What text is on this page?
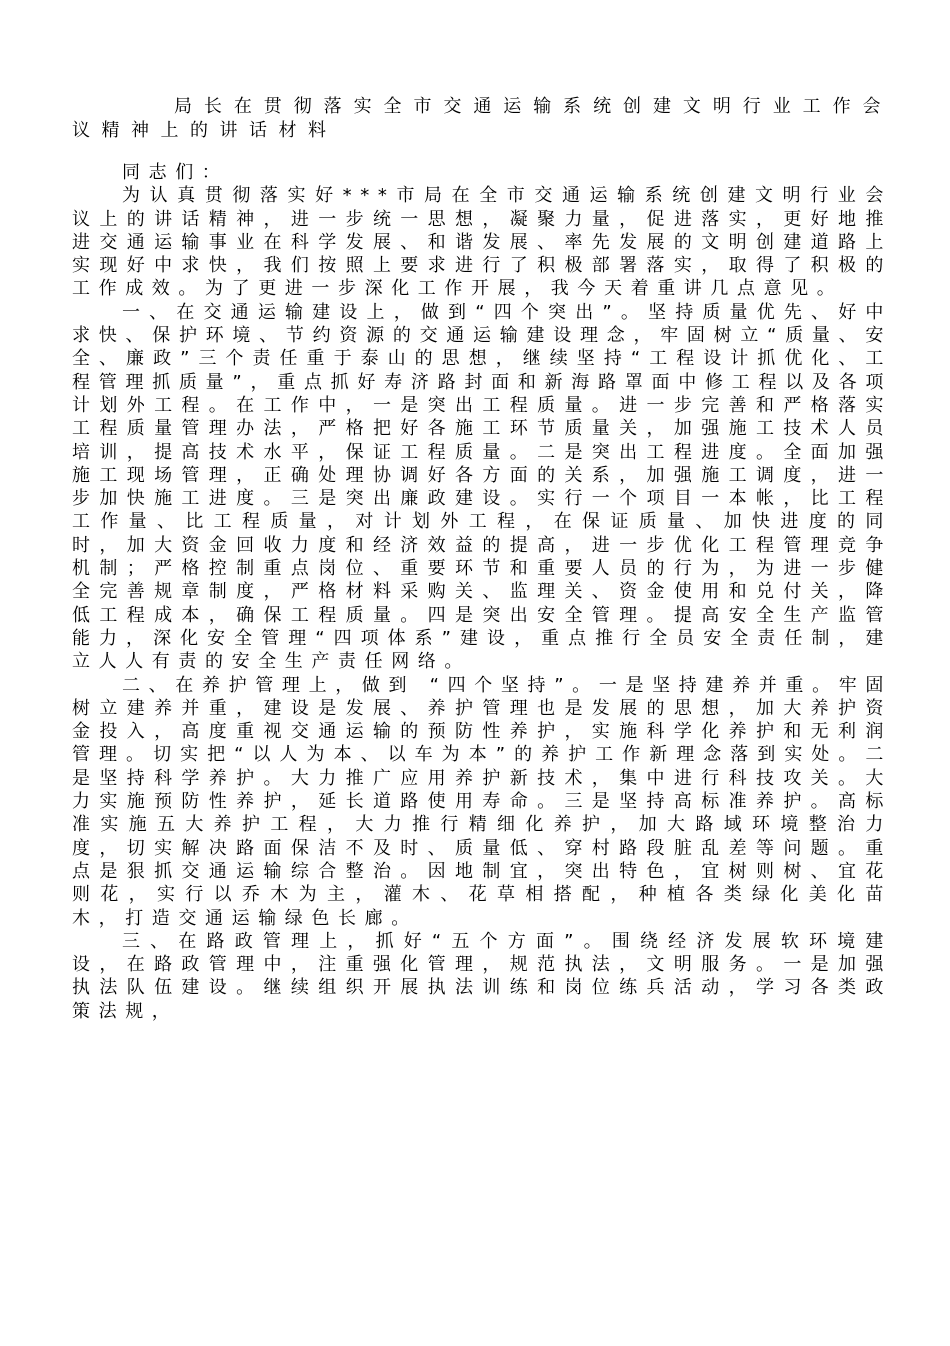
局长在贯彻落实全市交通运输系统创建文明行业工作会议精神上的讲话材料

同志们：

为认真贯彻落实好***市局在全市交通运输系统创建文明行业会议上的讲话精神，进一步统一思想，凝聚力量，促进落实，更好地推进交通运输事业在科学发展、和谐发展、率先发展的文明创建道路上实现好中求快，我们按照上要求进行了积极部署落实，取得了积极的工作成效。为了更进一步深化工作开展，我今天着重讲几点意见。

一、在交通运输建设上，做到“四个突出”。坚持质量优先、好中求快、保护环境、节约资源的交通运输建设理念，牢固树立“质量、安全、廉政”三个责任重于泰山的思想，继续坚持“工程设计抓优化、工程管理抓质量”，重点抓好寿济路封面和新海路罩面中修工程以及各项计划外工程。在工作中，一是突出工程质量。进一步完善和严格落实工程质量管理办法，严格把好各施工环节质量关，加强施工技术人员培训，提高技术水平，保证工程质量。二是突出工程进度。全面加强施工现场管理，正确处理协调好各方面的关系，加强施工调度，进一步加快施工进度。三是突出廉政建设。实行一个项目一本帐，比工程工作量、比工程质量，对计划外工程，在保证质量、加快进度的同时，加大资金回收力度和经济效益的提高，进一步优化工程管理竞争机制；严格控制重点岗位、重要环节和重要人员的行为，为进一步健全完善规章制度，严格材料采购关、监理关、资金使用和兑付关，降低工程成本，确保工程质量。四是突出安全管理。提高安全生产监管能力，深化安全管理“四项体系”建设，重点推行全员安全责任制，建立人人有责的安全生产责任网络。

二、在养护管理上，做到 “四个坚持”。一是坚持建养并重。牢固树立建养并重，建设是发展、养护管理也是发展的思想，加大养护资金投入，高度重视交通运输的预防性养护，实施科学化养护和无利润管理。切实把“以人为本、以车为本”的养护工作新理念落到实处。二是坚持科学养护。大力推广应用养护新技术，集中进行科技攻关。大力实施预防性养护，延长道路使用寿命。三是坚持高标准养护。高标准实施五大养护工程，大力推行精细化养护，加大路域环境整治力度，切实解决路面保洁不及时、质量低、穿村路段脏乱差等问题。重点是狠抓交通运输综合整治。因地制宜，突出特色，宜树则树、宜花则花，实行以乔木为主，灌木、花草相搭配，种植各类绿化美化苗木，打造交通运输绿色长廊。

三、在路政管理上，抓好“五个方面”。围绕经济发展软环境建设，在路政管理中，注重强化管理，规范执法，文明服务。一是加强执法队伍建设。继续组织开展执法训练和岗位练兵活动，学习各类政策法规，
